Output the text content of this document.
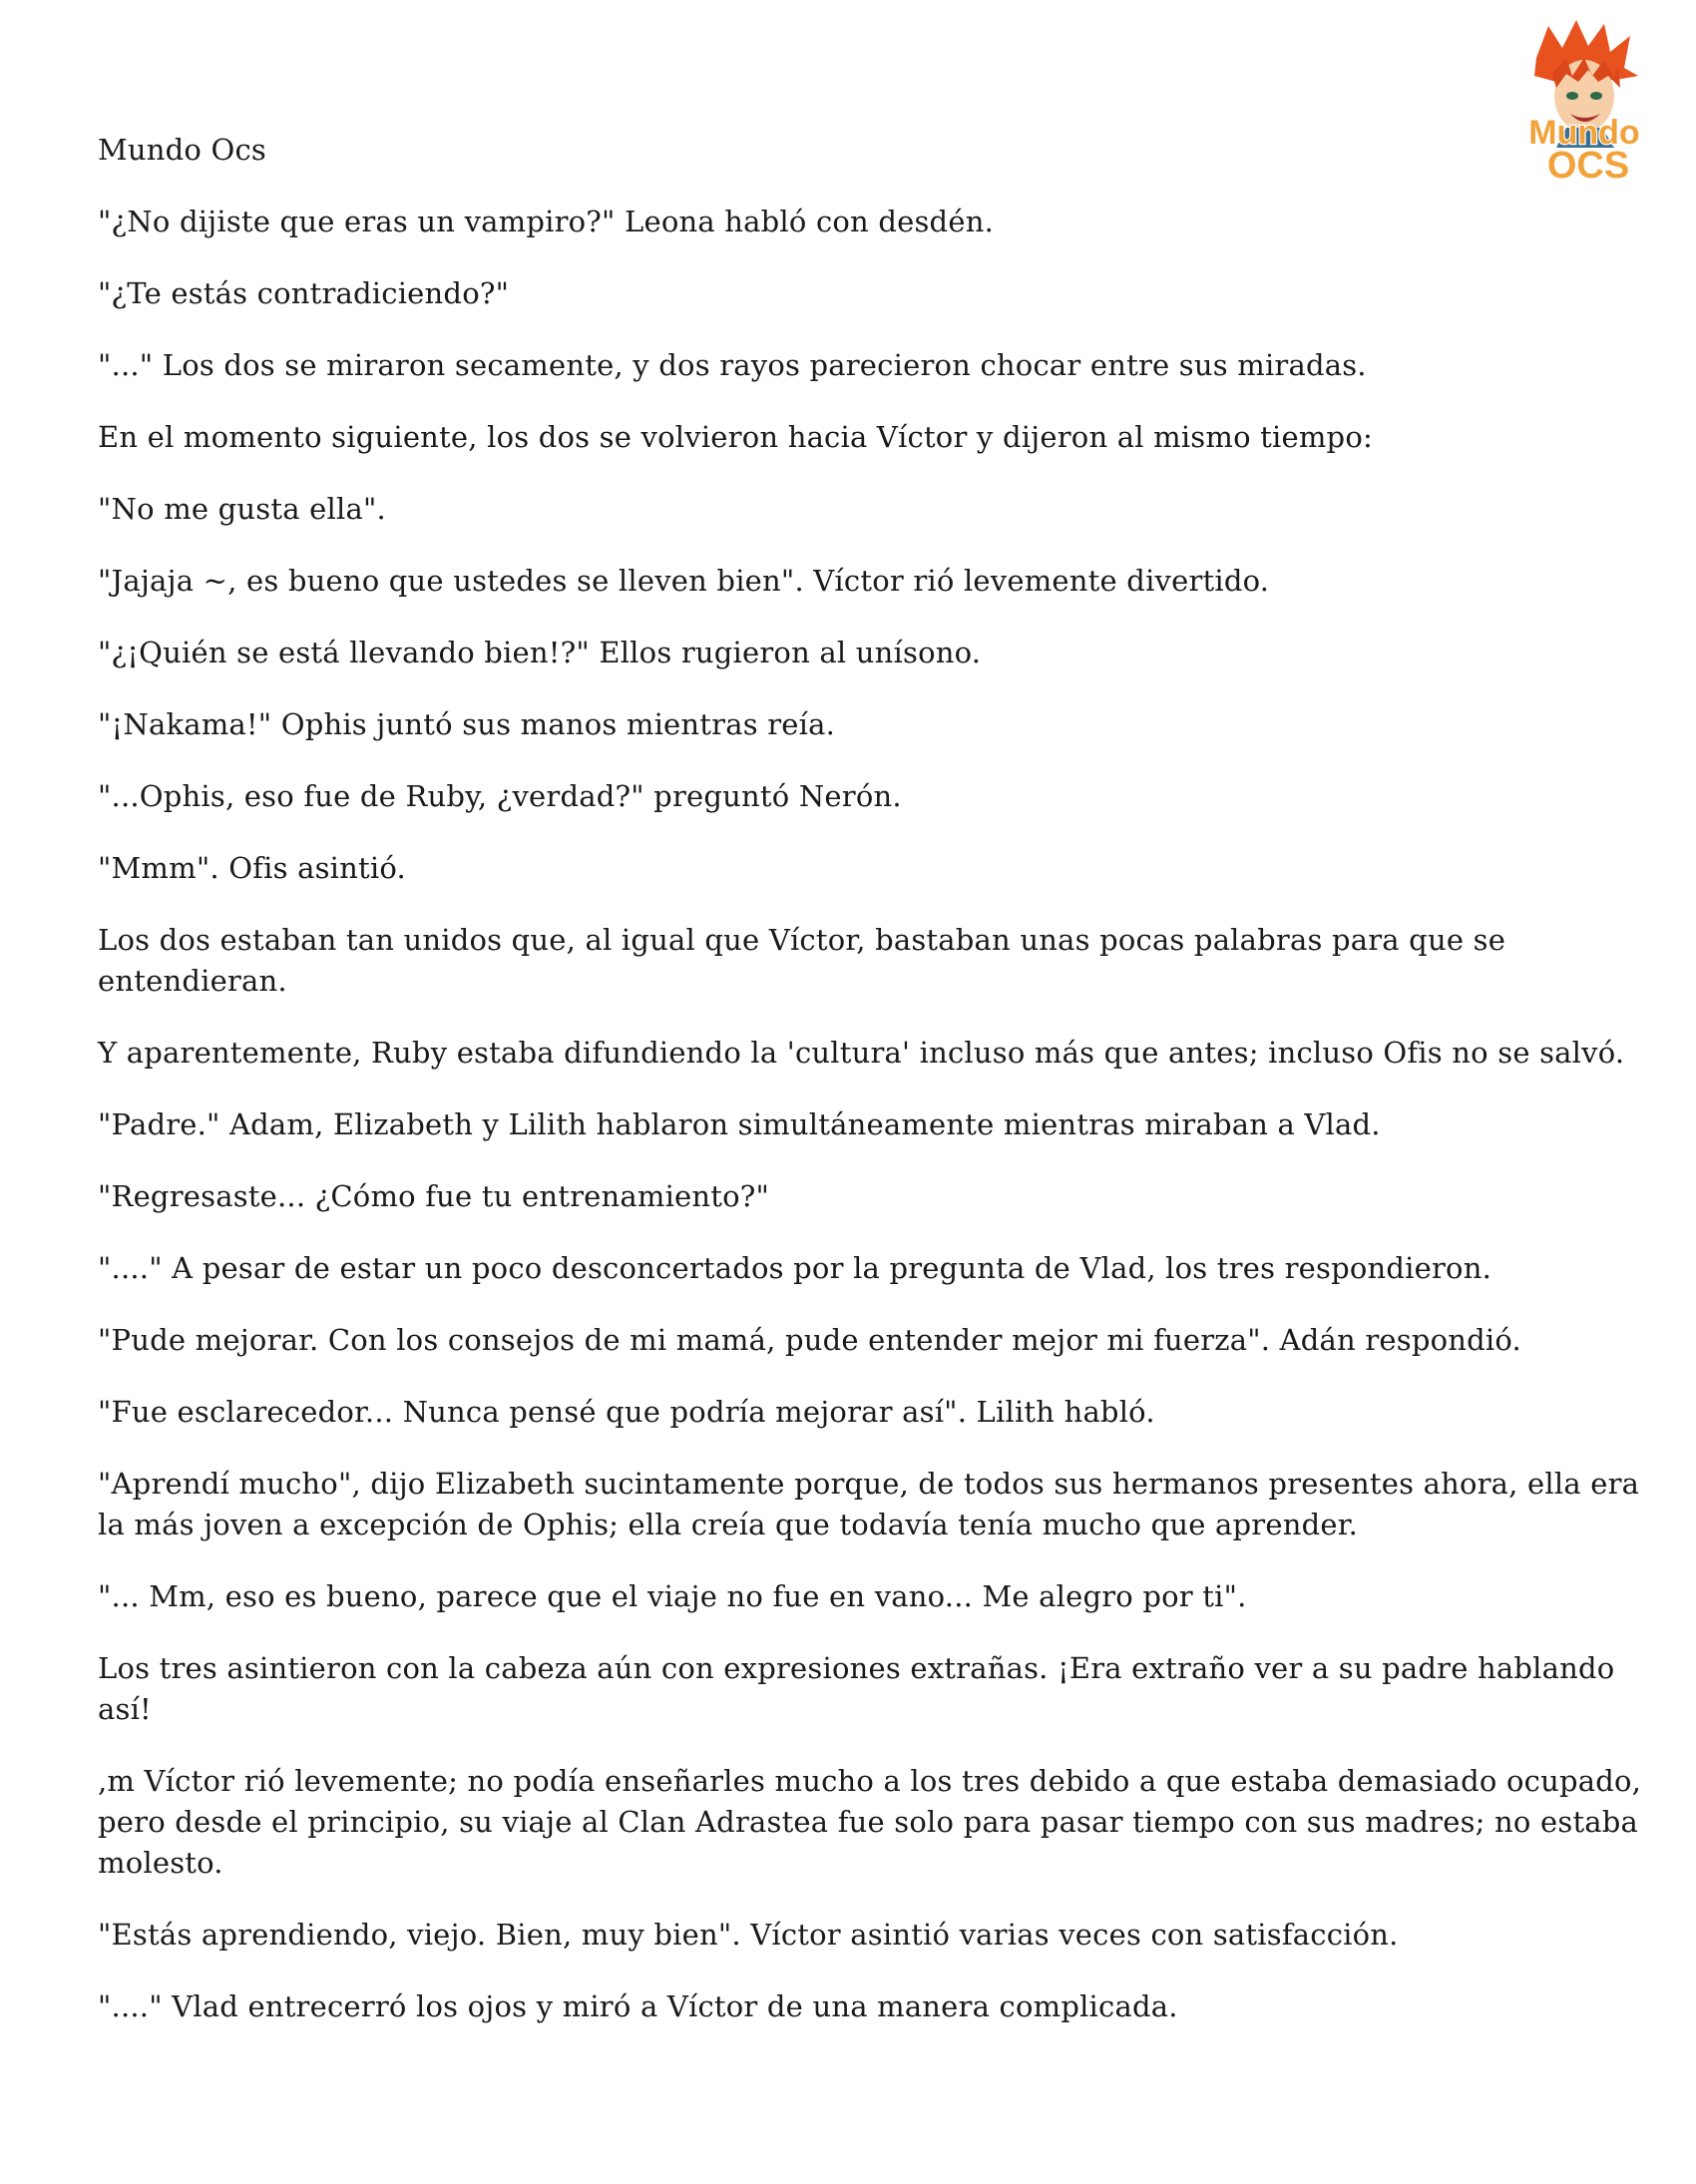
Mundo
OCS

Mundo Ocs

"¿No dijiste que eras un vampiro?" Leona habló con desdén.

"¿Te estás contradiciendo?"

"..." Los dos se miraron secamente, y dos rayos parecieron chocar entre sus miradas.

En el momento siguiente, los dos se volvieron hacia Víctor y dijeron al mismo tiempo:

"No me gusta ella".

"Jajaja ~, es bueno que ustedes se lleven bien". Víctor rió levemente divertido.

"¿¡Quién se está llevando bien!?" Ellos rugieron al unísono.

"¡Nakama!" Ophis juntó sus manos mientras reía.

"...Ophis, eso fue de Ruby, ¿verdad?" preguntó Nerón.

"Mmm". Ofis asintió.

Los dos estaban tan unidos que, al igual que Víctor, bastaban unas pocas palabras para que se entendieran.

Y aparentemente, Ruby estaba difundiendo la 'cultura' incluso más que antes; incluso Ofis no se salvó.

"Padre." Adam, Elizabeth y Lilith hablaron simultáneamente mientras miraban a Vlad.

"Regresaste... ¿Cómo fue tu entrenamiento?"

"...." A pesar de estar un poco desconcertados por la pregunta de Vlad, los tres respondieron.

"Pude mejorar. Con los consejos de mi mamá, pude entender mejor mi fuerza". Adán respondió.

"Fue esclarecedor... Nunca pensé que podría mejorar así". Lilith habló.

"Aprendí mucho", dijo Elizabeth sucintamente porque, de todos sus hermanos presentes ahora, ella era la más joven a excepción de Ophis; ella creía que todavía tenía mucho que aprender.

"... Mm, eso es bueno, parece que el viaje no fue en vano... Me alegro por ti".

Los tres asintieron con la cabeza aún con expresiones extrañas. ¡Era extraño ver a su padre hablando así!

,m Víctor rió levemente; no podía enseñarles mucho a los tres debido a que estaba demasiado ocupado, pero desde el principio, su viaje al Clan Adrastea fue solo para pasar tiempo con sus madres; no estaba molesto.

"Estás aprendiendo, viejo. Bien, muy bien". Víctor asintió varias veces con satisfacción.

"...." Vlad entrecerró los ojos y miró a Víctor de una manera complicada.
